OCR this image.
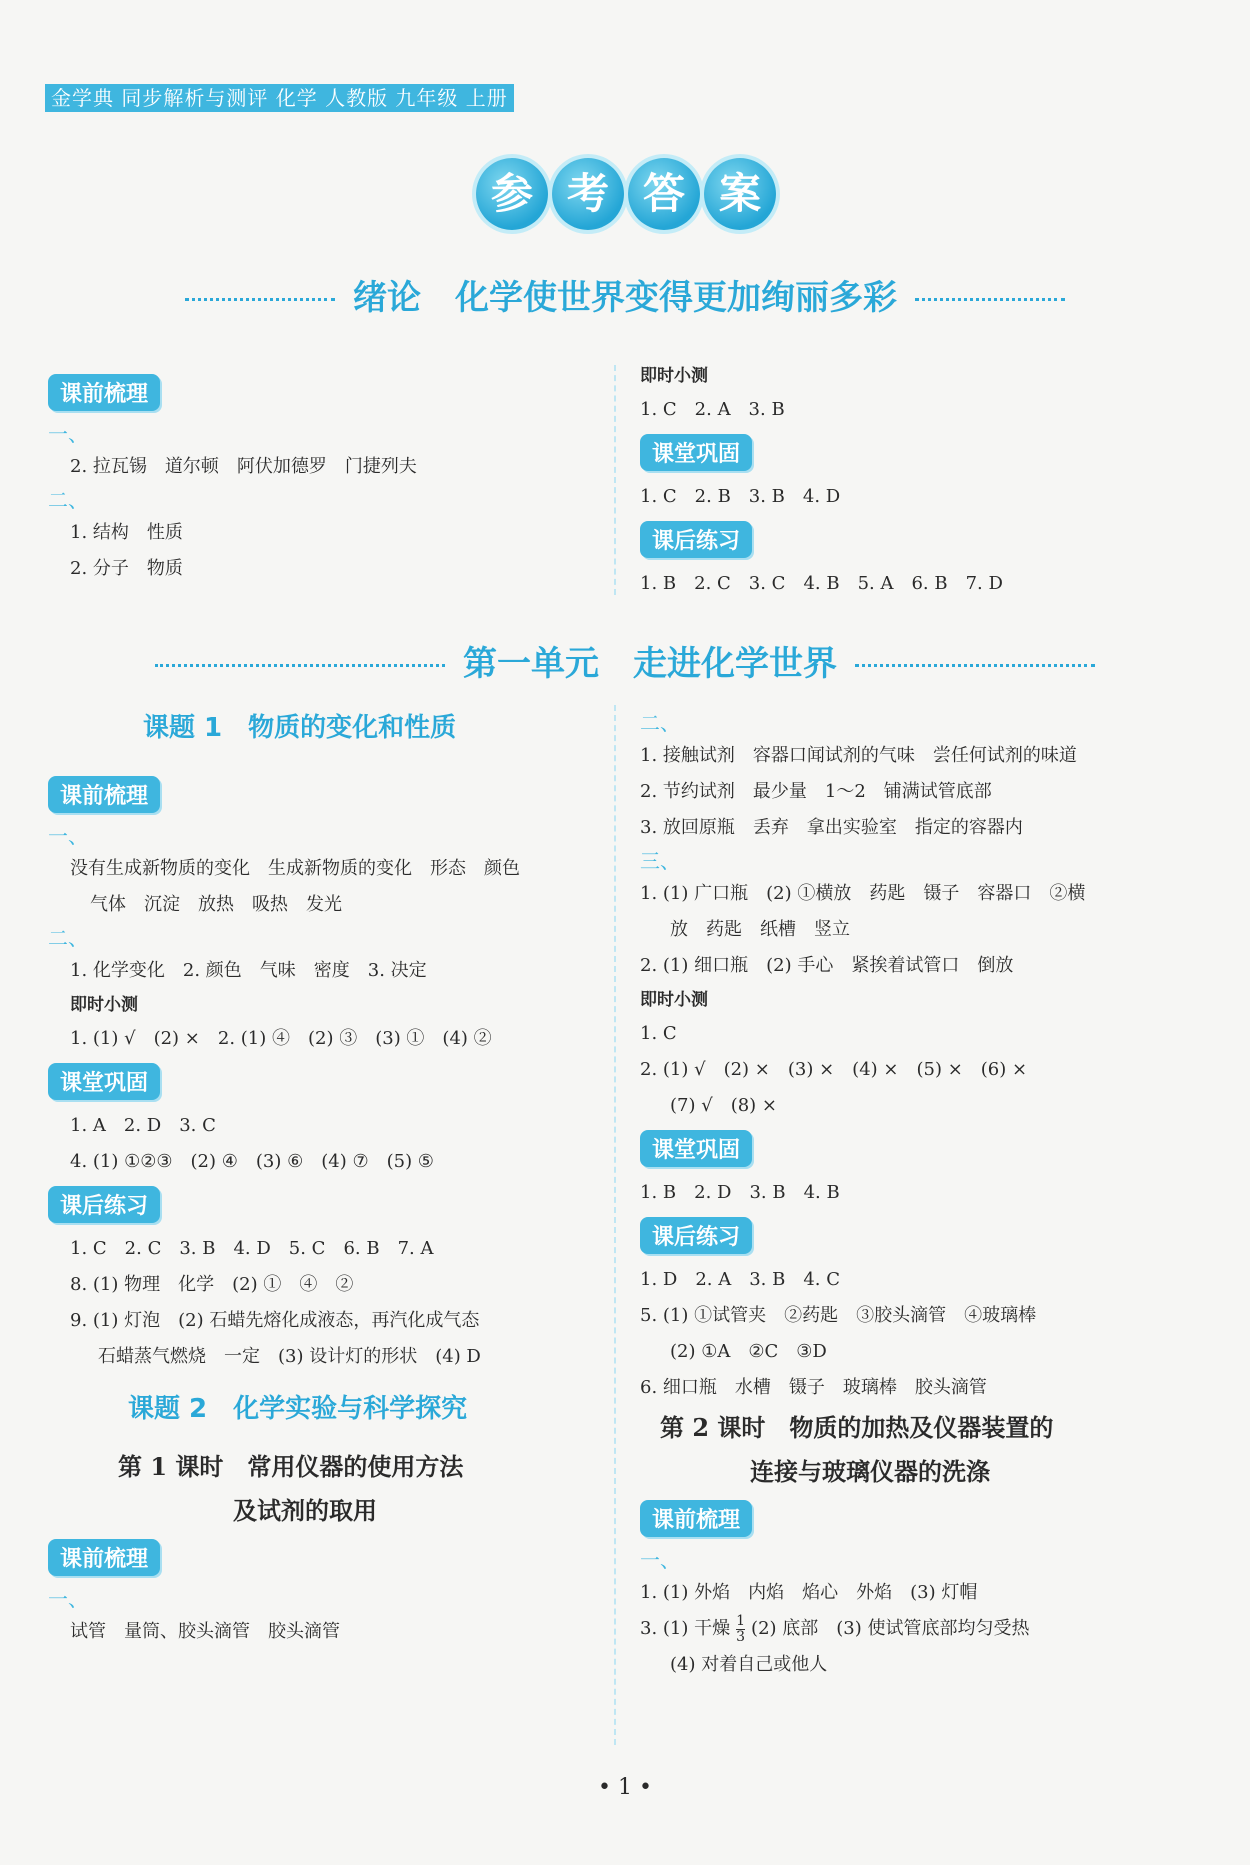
金学典 同步解析与测评 化学 人教版 九年级 上册
参 考 答 案
绪论　化学使世界变得更加绚丽多彩
课前梳理
一、
2. 拉瓦锡　道尔顿　阿伏加德罗　门捷列夫
二、
1. 结构　性质
2. 分子　物质
即时小测
1. C　2. A　3. B
课堂巩固
1. C　2. B　3. B　4. D
课后练习
1. B　2. C　3. C　4. B　5. A　6. B　7. D
第一单元　走进化学世界
课题 1　物质的变化和性质
课前梳理
一、
没有生成新物质的变化　生成新物质的变化　形态　颜色
气体　沉淀　放热　吸热　发光
二、
1. 化学变化　2. 颜色　气味　密度　3. 决定
即时小测
1. (1) √　(2) ×　2. (1) ④　(2) ③　(3) ①　(4) ②
课堂巩固
1. A　2. D　3. C
4. (1) ①②③　(2) ④　(3) ⑥　(4) ⑦　(5) ⑤
课后练习
1. C　2. C　3. B　4. D　5. C　6. B　7. A
8. (1) 物理　化学　(2) ①　④　②
9. (1) 灯泡　(2) 石蜡先熔化成液态，再汽化成气态
石蜡蒸气燃烧　一定　(3) 设计灯的形状　(4) D
课题 2　化学实验与科学探究
第 1 课时　常用仪器的使用方法
及试剂的取用
课前梳理
一、
试管　量筒、胶头滴管　胶头滴管
二、
1. 接触试剂　容器口闻试剂的气味　尝任何试剂的味道
2. 节约试剂　最少量　1～2　铺满试管底部
3. 放回原瓶　丢弃　拿出实验室　指定的容器内
三、
1. (1) 广口瓶　(2) ①横放　药匙　镊子　容器口　②横
放　药匙　纸槽　竖立
2. (1) 细口瓶　(2) 手心　紧挨着试管口　倒放
即时小测
1. C
2. (1) √　(2) ×　(3) ×　(4) ×　(5) ×　(6) ×
(7) √　(8) ×
课堂巩固
1. B　2. D　3. B　4. B
课后练习
1. D　2. A　3. B　4. C
5. (1) ①试管夹　②药匙　③胶头滴管　④玻璃棒
(2) ①A　②C　③D
6. 细口瓶　水槽　镊子　玻璃棒　胶头滴管
第 2 课时　物质的加热及仪器装置的
连接与玻璃仪器的洗涤
课前梳理
一、
1. (1) 外焰　内焰　焰心　外焰　(3) 灯帽
3. (1) 干燥 $\frac{1}{3} (2)$ 底部　(3) 使试管底部均匀受热
(4) 对着自己或他人
• 1 •
